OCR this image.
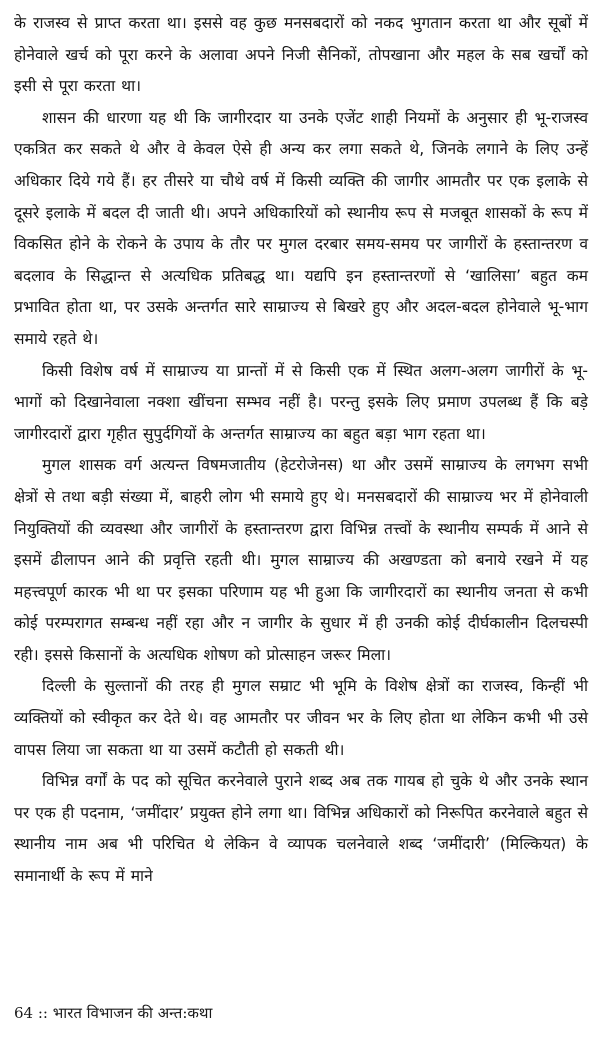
के राजस्व से प्राप्त करता था। इससे वह कुछ मनसबदारों को नकद भुगतान करता था और सूबों में होनेवाले खर्च को पूरा करने के अलावा अपने निजी सैनिकों, तोपखाना और महल के सब खर्चों को इसी से पूरा करता था।

शासन की धारणा यह थी कि जागीरदार या उनके एजेंट शाही नियमों के अनुसार ही भू-राजस्व एकत्रित कर सकते थे और वे केवल ऐसे ही अन्य कर लगा सकते थे, जिनके लगाने के लिए उन्हें अधिकार दिये गये हैं। हर तीसरे या चौथे वर्ष में किसी व्यक्ति की जागीर आमतौर पर एक इलाके से दूसरे इलाके में बदल दी जाती थी। अपने अधिकारियों को स्थानीय रूप से मजबूत शासकों के रूप में विकसित होने के रोकने के उपाय के तौर पर मुगल दरबार समय-समय पर जागीरों के हस्तान्तरण व बदलाव के सिद्धान्त से अत्यधिक प्रतिबद्ध था। यद्यपि इन हस्तान्तरणों से ‘खालिसा’ बहुत कम प्रभावित होता था, पर उसके अन्तर्गत सारे साम्राज्य से बिखरे हुए और अदल-बदल होनेवाले भू-भाग समाये रहते थे।

किसी विशेष वर्ष में साम्राज्य या प्रान्तों में से किसी एक में स्थित अलग-अलग जागीरों के भू-भागों को दिखानेवाला नक्शा खींचना सम्भव नहीं है। परन्तु इसके लिए प्रमाण उपलब्ध हैं कि बड़े जागीरदारों द्वारा गृहीत सुपुर्दगियों के अन्तर्गत साम्राज्य का बहुत बड़ा भाग रहता था।

मुगल शासक वर्ग अत्यन्त विषमजातीय (हेटरोजेनस) था और उसमें साम्राज्य के लगभग सभी क्षेत्रों से तथा बड़ी संख्या में, बाहरी लोग भी समाये हुए थे। मनसबदारों की साम्राज्य भर में होनेवाली नियुक्तियों की व्यवस्था और जागीरों के हस्तान्तरण द्वारा विभिन्न तत्त्वों के स्थानीय सम्पर्क में आने से इसमें ढीलापन आने की प्रवृत्ति रहती थी। मुगल साम्राज्य की अखण्डता को बनाये रखने में यह महत्त्वपूर्ण कारक भी था पर इसका परिणाम यह भी हुआ कि जागीरदारों का स्थानीय जनता से कभी कोई परम्परागत सम्बन्ध नहीं रहा और न जागीर के सुधार में ही उनकी कोई दीर्घकालीन दिलचस्पी रही। इससे किसानों के अत्यधिक शोषण को प्रोत्साहन जरूर मिला।

दिल्ली के सुल्तानों की तरह ही मुगल सम्राट भी भूमि के विशेष क्षेत्रों का राजस्व, किन्हीं भी व्यक्तियों को स्वीकृत कर देते थे। वह आमतौर पर जीवन भर के लिए होता था लेकिन कभी भी उसे वापस लिया जा सकता था या उसमें कटौती हो सकती थी।

विभिन्न वर्गों के पद को सूचित करनेवाले पुराने शब्द अब तक गायब हो चुके थे और उनके स्थान पर एक ही पदनाम, ‘जमींदार’ प्रयुक्त होने लगा था। विभिन्न अधिकारों को निरूपित करनेवाले बहुत से स्थानीय नाम अब भी परिचित थे लेकिन वे व्यापक चलनेवाले शब्द ‘जमींदारी’ (मिल्कियत) के समानार्थी के रूप में माने

64 :: भारत विभाजन की अन्त:कथा
